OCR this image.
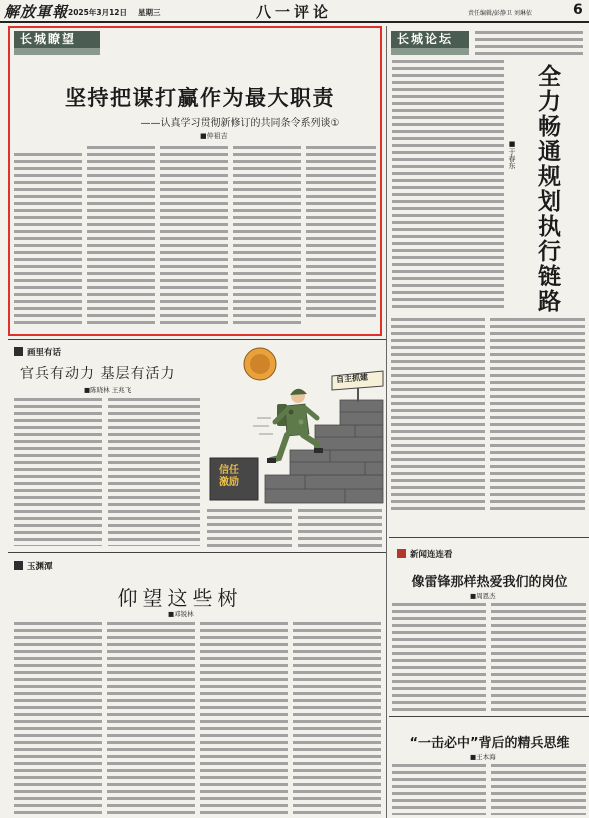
解放軍報 2025年3月12日 星期三	八一评论	责任编辑/彭静卫 刘琳依	6
长城瞭望
坚持把谋打赢作为最大职责
——认真学习贯彻新修订的共同条令系列谈①
■仲祖吉
长城论坛
■于春东 全力畅通规划执行链路
新闻连连看
像雷锋那样热爱我们的岗位
■周恩杰
“一击必中”背后的精兵思维
■王本海
画里有话
官兵有动力 基层有活力
■陈晓林 王兆飞
自主抓建
信任激励
玉渊潭
仰望这些树
■邓锐林
